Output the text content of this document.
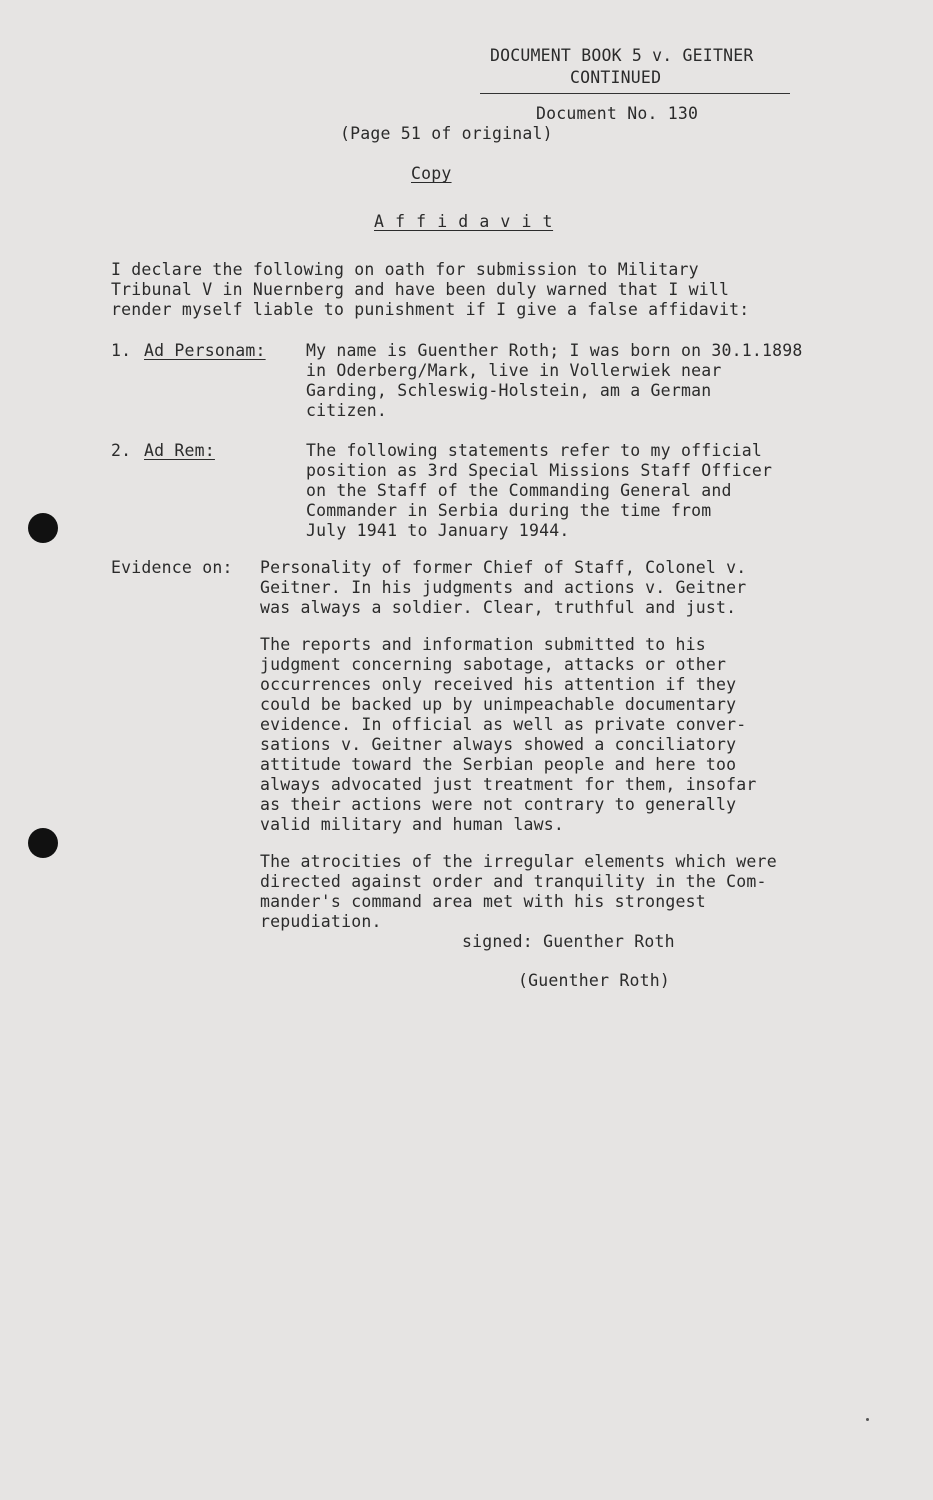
DOCUMENT BOOK 5 v. GEITNER
CONTINUED
Document No. 130
(Page 51 of original)
Copy
A f f i d a v i t
I declare the following on oath for submission to Military
Tribunal V in Nuernberg and have been duly warned that I will
render myself liable to punishment if I give a false affidavit:
1. Ad Personam: My name is Guenther Roth; I was born on 30.1.1898
in Oderberg/Mark, live in Vollerwiek near
Garding, Schleswig-Holstein, am a German
citizen.
2. Ad Rem:	The following statements refer to my official
position as 3rd Special Missions Staff Officer
on the Staff of the Commanding General and
Commander in Serbia during the time from
July 1941 to January 1944.
Evidence on: Personality of former Chief of Staff, Colonel v.
Geitner. In his judgments and actions v. Geitner
was always a soldier. Clear, truthful and just.
The reports and information submitted to his
judgment concerning sabotage, attacks or other
occurrences only received his attention if they
could be backed up by unimpeachable documentary
evidence. In official as well as private conver-
sations v. Geitner always showed a conciliatory
attitude toward the Serbian people and here too
always advocated just treatment for them, insofar
as their actions were not contrary to generally
valid military and human laws.
The atrocities of the irregular elements which were
directed against order and tranquility in the Com-
mander's command area met with his strongest
repudiation.
signed: Guenther Roth
(Guenther Roth)
